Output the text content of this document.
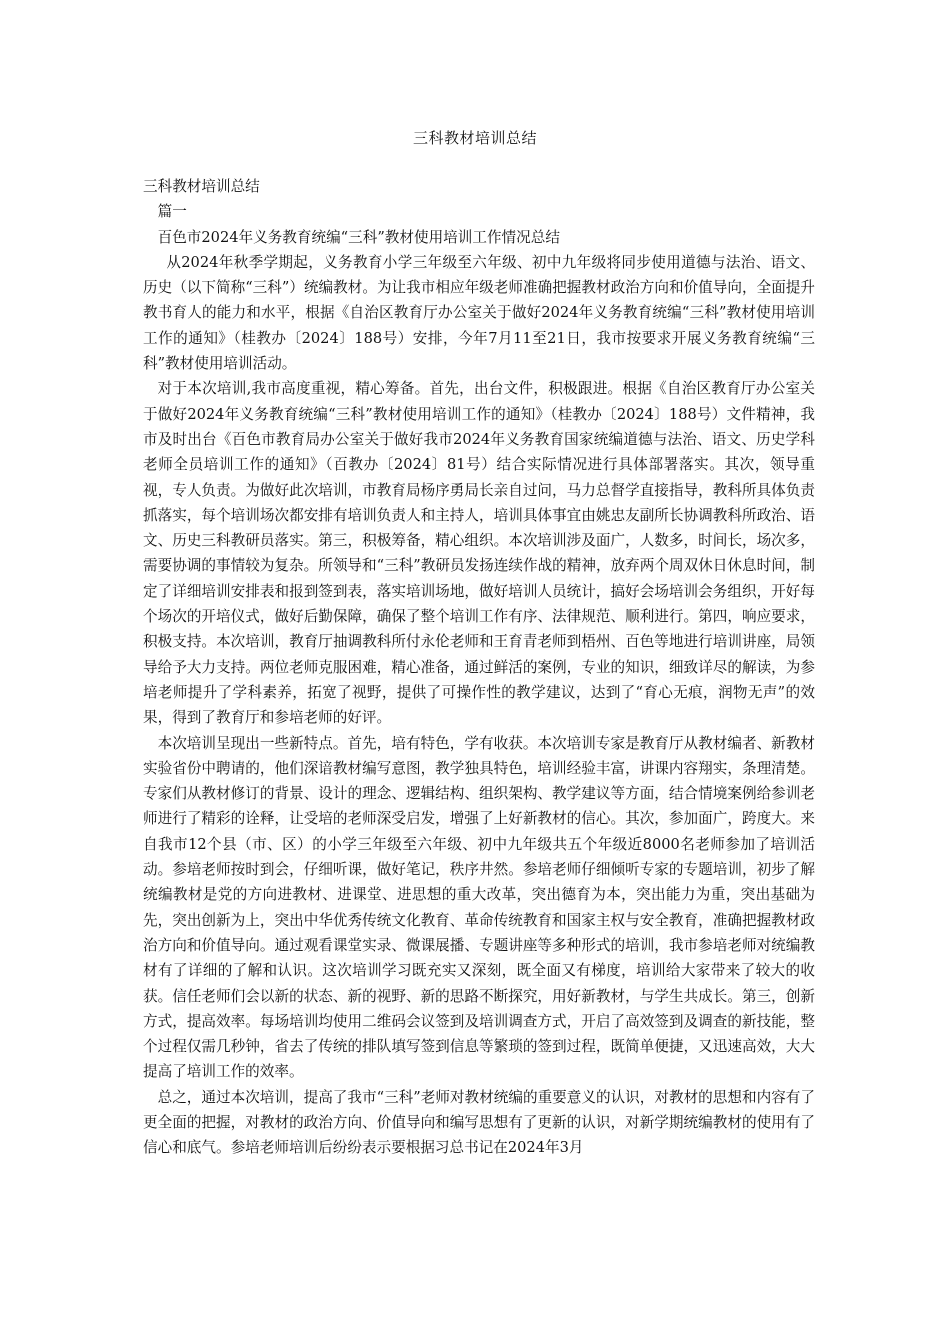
三科教材培训总结

三科教材培训总结

篇一

百色市2024年义务教育统编“三科”教材使用培训工作情况总结

从2024年秋季学期起，义务教育小学三年级至六年级、初中九年级将同步使用道德与法治、语文、历史（以下简称“三科”）统编教材。为让我市相应年级老师准确把握教材政治方向和价值导向，全面提升教书育人的能力和水平，根据《自治区教育厅办公室关于做好2024年义务教育统编“三科”教材使用培训工作的通知》（桂教办〔2024〕188号）安排，今年7月11至21日，我市按要求开展义务教育统编“三科”教材使用培训活动。

对于本次培训,我市高度重视，精心筹备。首先，出台文件，积极跟进。根据《自治区教育厅办公室关于做好2024年义务教育统编“三科”教材使用培训工作的通知》（桂教办〔2024〕188号）文件精神，我市及时出台《百色市教育局办公室关于做好我市2024年义务教育国家统编道德与法治、语文、历史学科老师全员培训工作的通知》（百教办〔2024〕81号）结合实际情况进行具体部署落实。其次，领导重视，专人负责。为做好此次培训，市教育局杨序勇局长亲自过问，马力总督学直接指导，教科所具体负责抓落实，每个培训场次都安排有培训负责人和主持人，培训具体事宜由姚忠友副所长协调教科所政治、语文、历史三科教研员落实。第三，积极筹备，精心组织。本次培训涉及面广，人数多，时间长，场次多，需要协调的事情较为复杂。所领导和“三科”教研员发扬连续作战的精神，放弃两个周双休日休息时间，制定了详细培训安排表和报到签到表，落实培训场地，做好培训人员统计，搞好会场培训会务组织，开好每个场次的开培仪式，做好后勤保障，确保了整个培训工作有序、法律规范、顺利进行。第四，响应要求，积极支持。本次培训，教育厅抽调教科所付永伦老师和王育青老师到梧州、百色等地进行培训讲座，局领导给予大力支持。两位老师克服困难，精心准备，通过鲜活的案例，专业的知识，细致详尽的解读，为参培老师提升了学科素养，拓宽了视野，提供了可操作性的教学建议，达到了“育心无痕，润物无声”的效果，得到了教育厅和参培老师的好评。

本次培训呈现出一些新特点。首先，培有特色，学有收获。本次培训专家是教育厅从教材编者、新教材实验省份中聘请的，他们深谙教材编写意图，教学独具特色，培训经验丰富，讲课内容翔实，条理清楚。专家们从教材修订的背景、设计的理念、逻辑结构、组织架构、教学建议等方面，结合情境案例给参训老师进行了精彩的诠释，让受培的老师深受启发，增强了上好新教材的信心。其次，参加面广，跨度大。来自我市12个县（市、区）的小学三年级至六年级、初中九年级共五个年级近8000名老师参加了培训活动。参培老师按时到会，仔细听课，做好笔记，秩序井然。参培老师仔细倾听专家的专题培训，初步了解统编教材是党的方向进教材、进课堂、进思想的重大改革，突出德育为本，突出能力为重，突出基础为先，突出创新为上，突出中华优秀传统文化教育、革命传统教育和国家主权与安全教育，准确把握教材政治方向和价值导向。通过观看课堂实录、微课展播、专题讲座等多种形式的培训，我市参培老师对统编教材有了详细的了解和认识。这次培训学习既充实又深刻，既全面又有梯度，培训给大家带来了较大的收获。信任老师们会以新的状态、新的视野、新的思路不断探究，用好新教材，与学生共成长。第三，创新方式，提高效率。每场培训均使用二维码会议签到及培训调查方式，开启了高效签到及调查的新技能，整个过程仅需几秒钟，省去了传统的排队填写签到信息等繁琐的签到过程，既简单便捷，又迅速高效，大大提高了培训工作的效率。

总之，通过本次培训，提高了我市“三科”老师对教材统编的重要意义的认识，对教材的思想和内容有了更全面的把握，对教材的政治方向、价值导向和编写思想有了更新的认识，对新学期统编教材的使用有了信心和底气。参培老师培训后纷纷表示要根据习总书记在2024年3月
